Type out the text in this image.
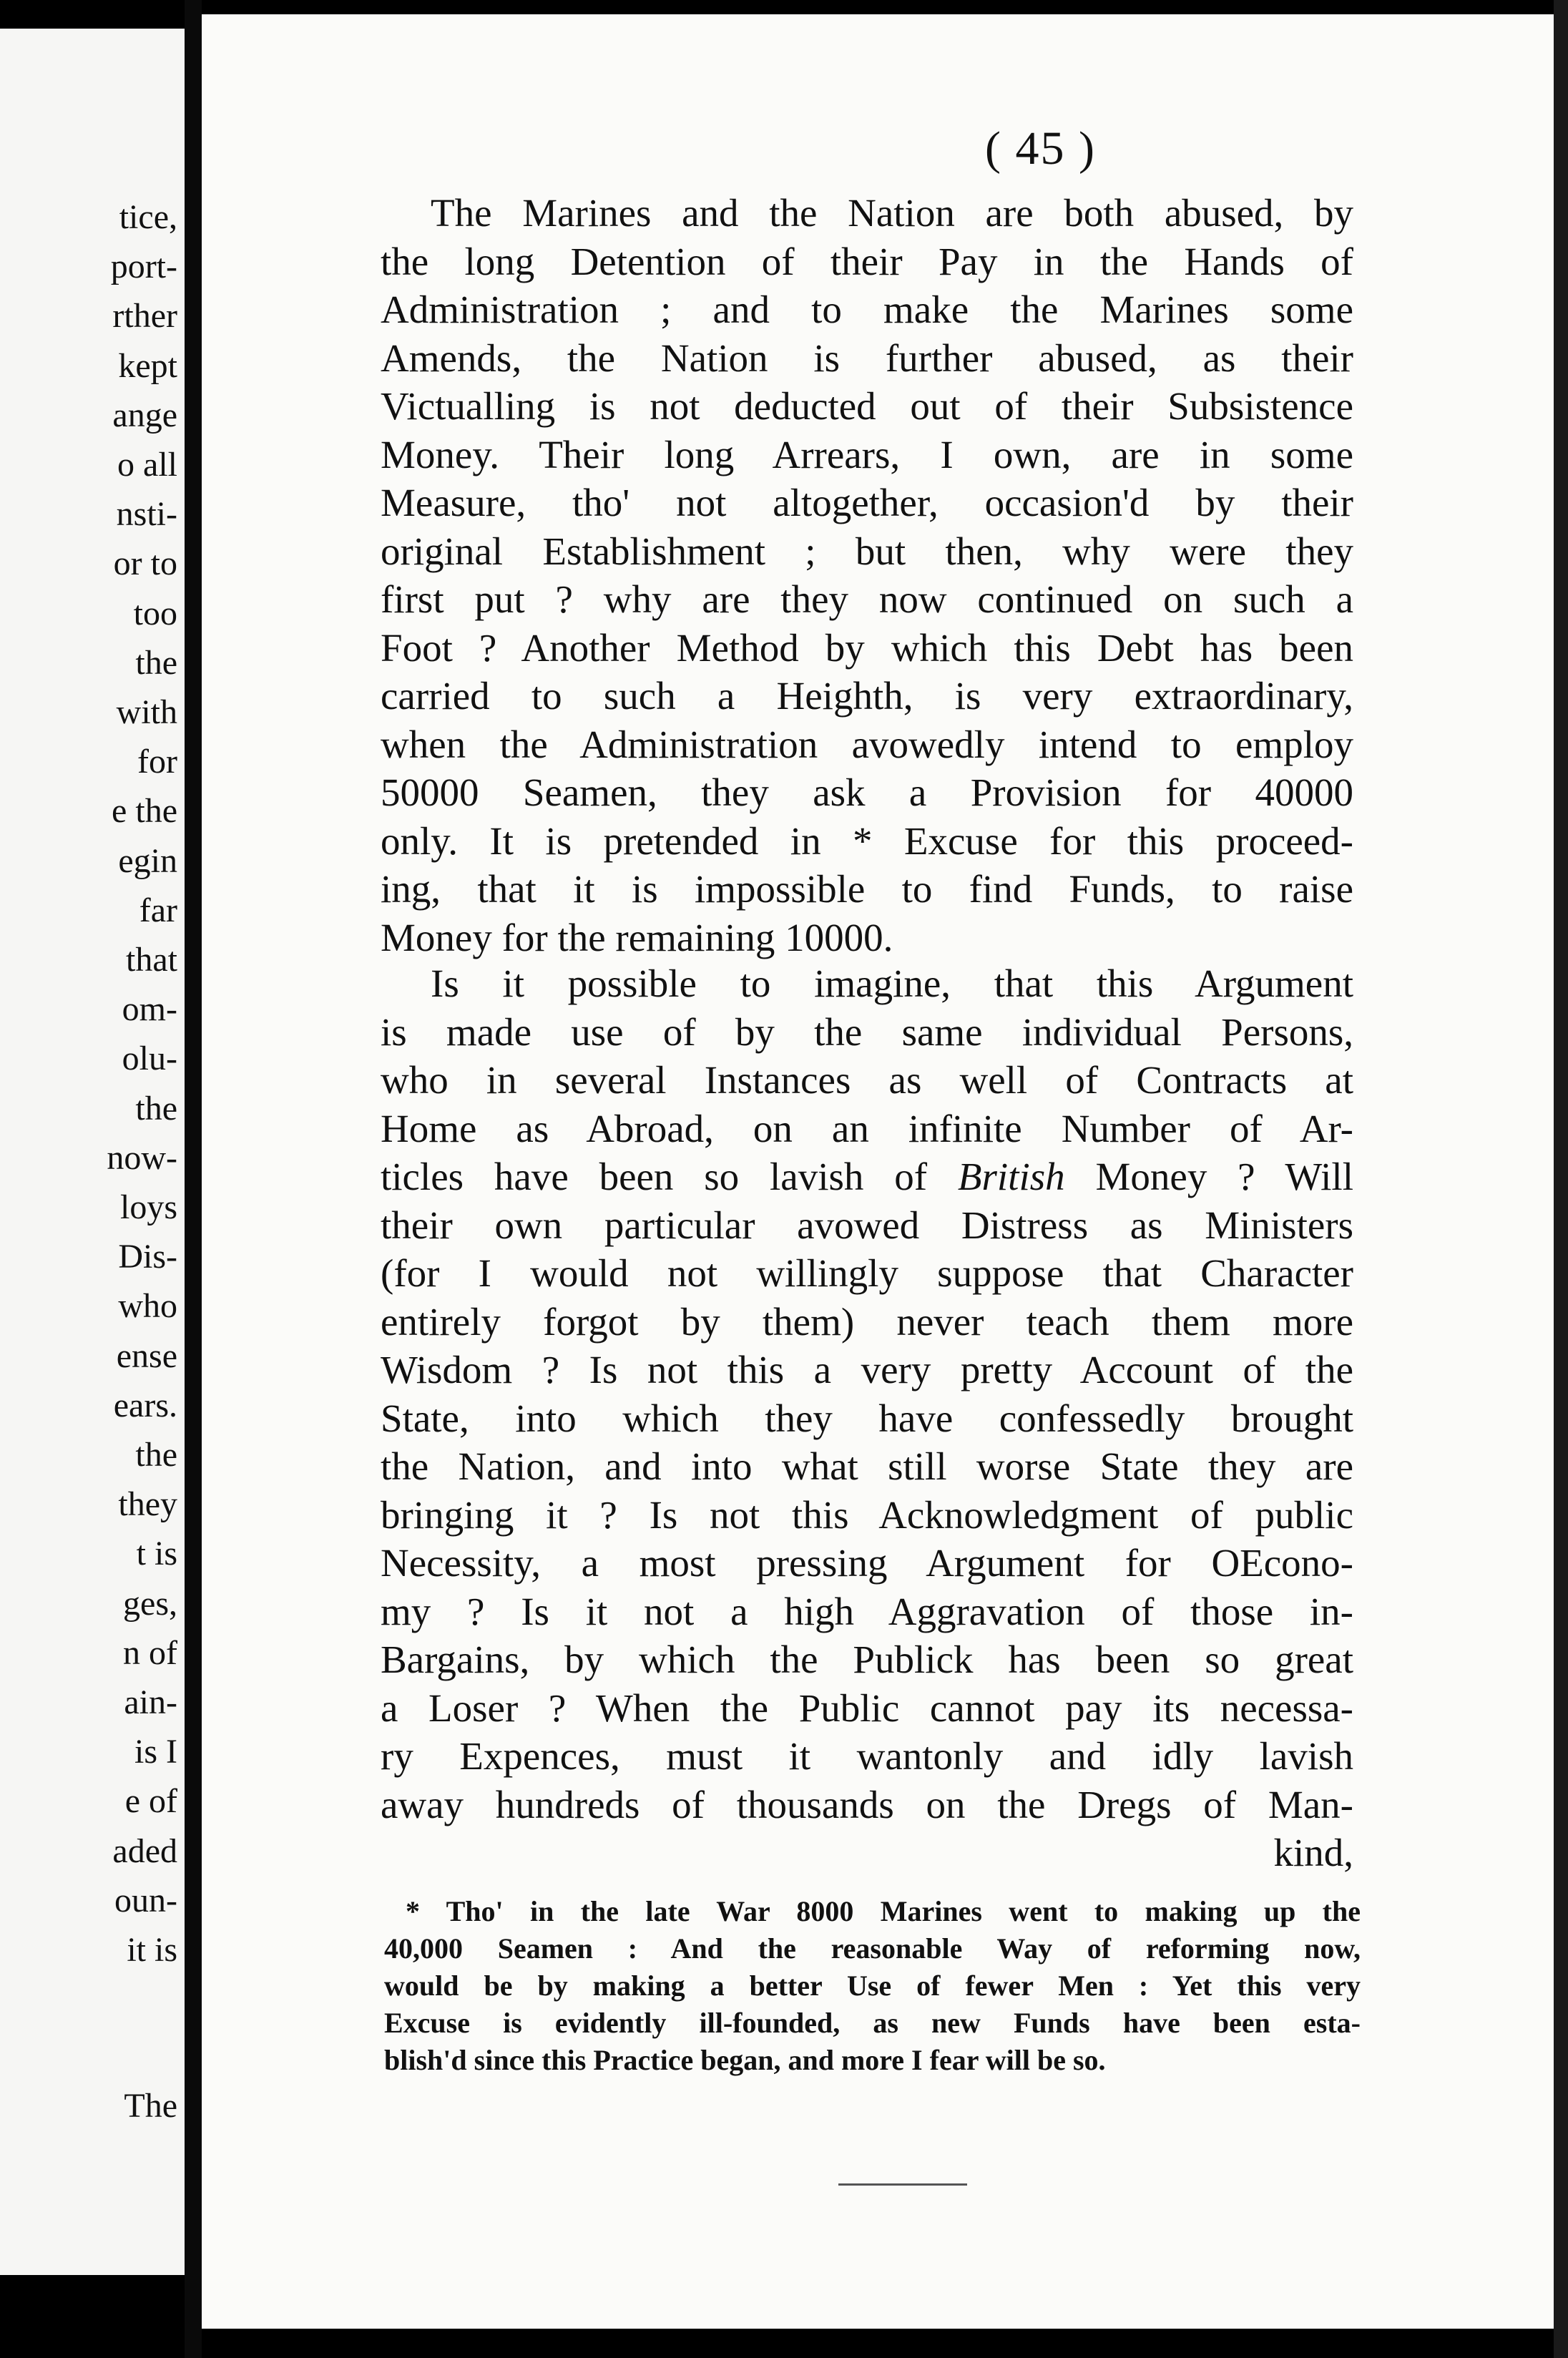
tice,
port-
rther
kept
ange
o all
nsti-
or to
too
the
with
for
e the
egin
far
that
om-
olu-
the
now-
loys
Dis-
who
ense
ears.
the
they
t is
ges,
n of
ain-
is I
e of
aded
oun-
it is
The
( 45 )
The Marines and the Nation are both abused, by
the long Detention of their Pay in the Hands of
Administration ; and to make the Marines some
Amends, the Nation is further abused, as their
Victualling is not deducted out of their Subsistence
Money. Their long Arrears, I own, are in some
Measure, tho' not altogether, occasion'd by their
original Establishment ; but then, why were they
first put ? why are they now continued on such a
Foot ? Another Method by which this Debt has been
carried to such a Heighth, is very extraordinary,
when the Administration avowedly intend to employ
50000 Seamen, they ask a Provision for 40000
only. It is pretended in * Excuse for this proceed-
ing, that it is impossible to find Funds, to raise
Money for the remaining 10000.
Is it possible to imagine, that this Argument
is made use of by the same individual Persons,
who in several Instances as well of Contracts at
Home as Abroad, on an infinite Number of Ar-
ticles have been so lavish of British Money ? Will
their own particular avowed Distress as Ministers
(for I would not willingly suppose that Character
entirely forgot by them) never teach them more
Wisdom ? Is not this a very pretty Account of the
State, into which they have confessedly brought
the Nation, and into what still worse State they are
bringing it ? Is not this Acknowledgment of public
Necessity, a most pressing Argument for OEcono-
my ? Is it not a high Aggravation of those in-
Bargains, by which the Publick has been so great
a Loser ? When the Public cannot pay its necessa-
ry Expences, must it wantonly and idly lavish
away hundreds of thousands on the Dregs of Man-
kind,
* Tho' in the late War 8000 Marines went to making up the
40,000 Seamen : And the reasonable Way of reforming now,
would be by making a better Use of fewer Men : Yet this very
Excuse is evidently ill-founded, as new Funds have been esta-
blish'd since this Practice began, and more I fear will be so.
